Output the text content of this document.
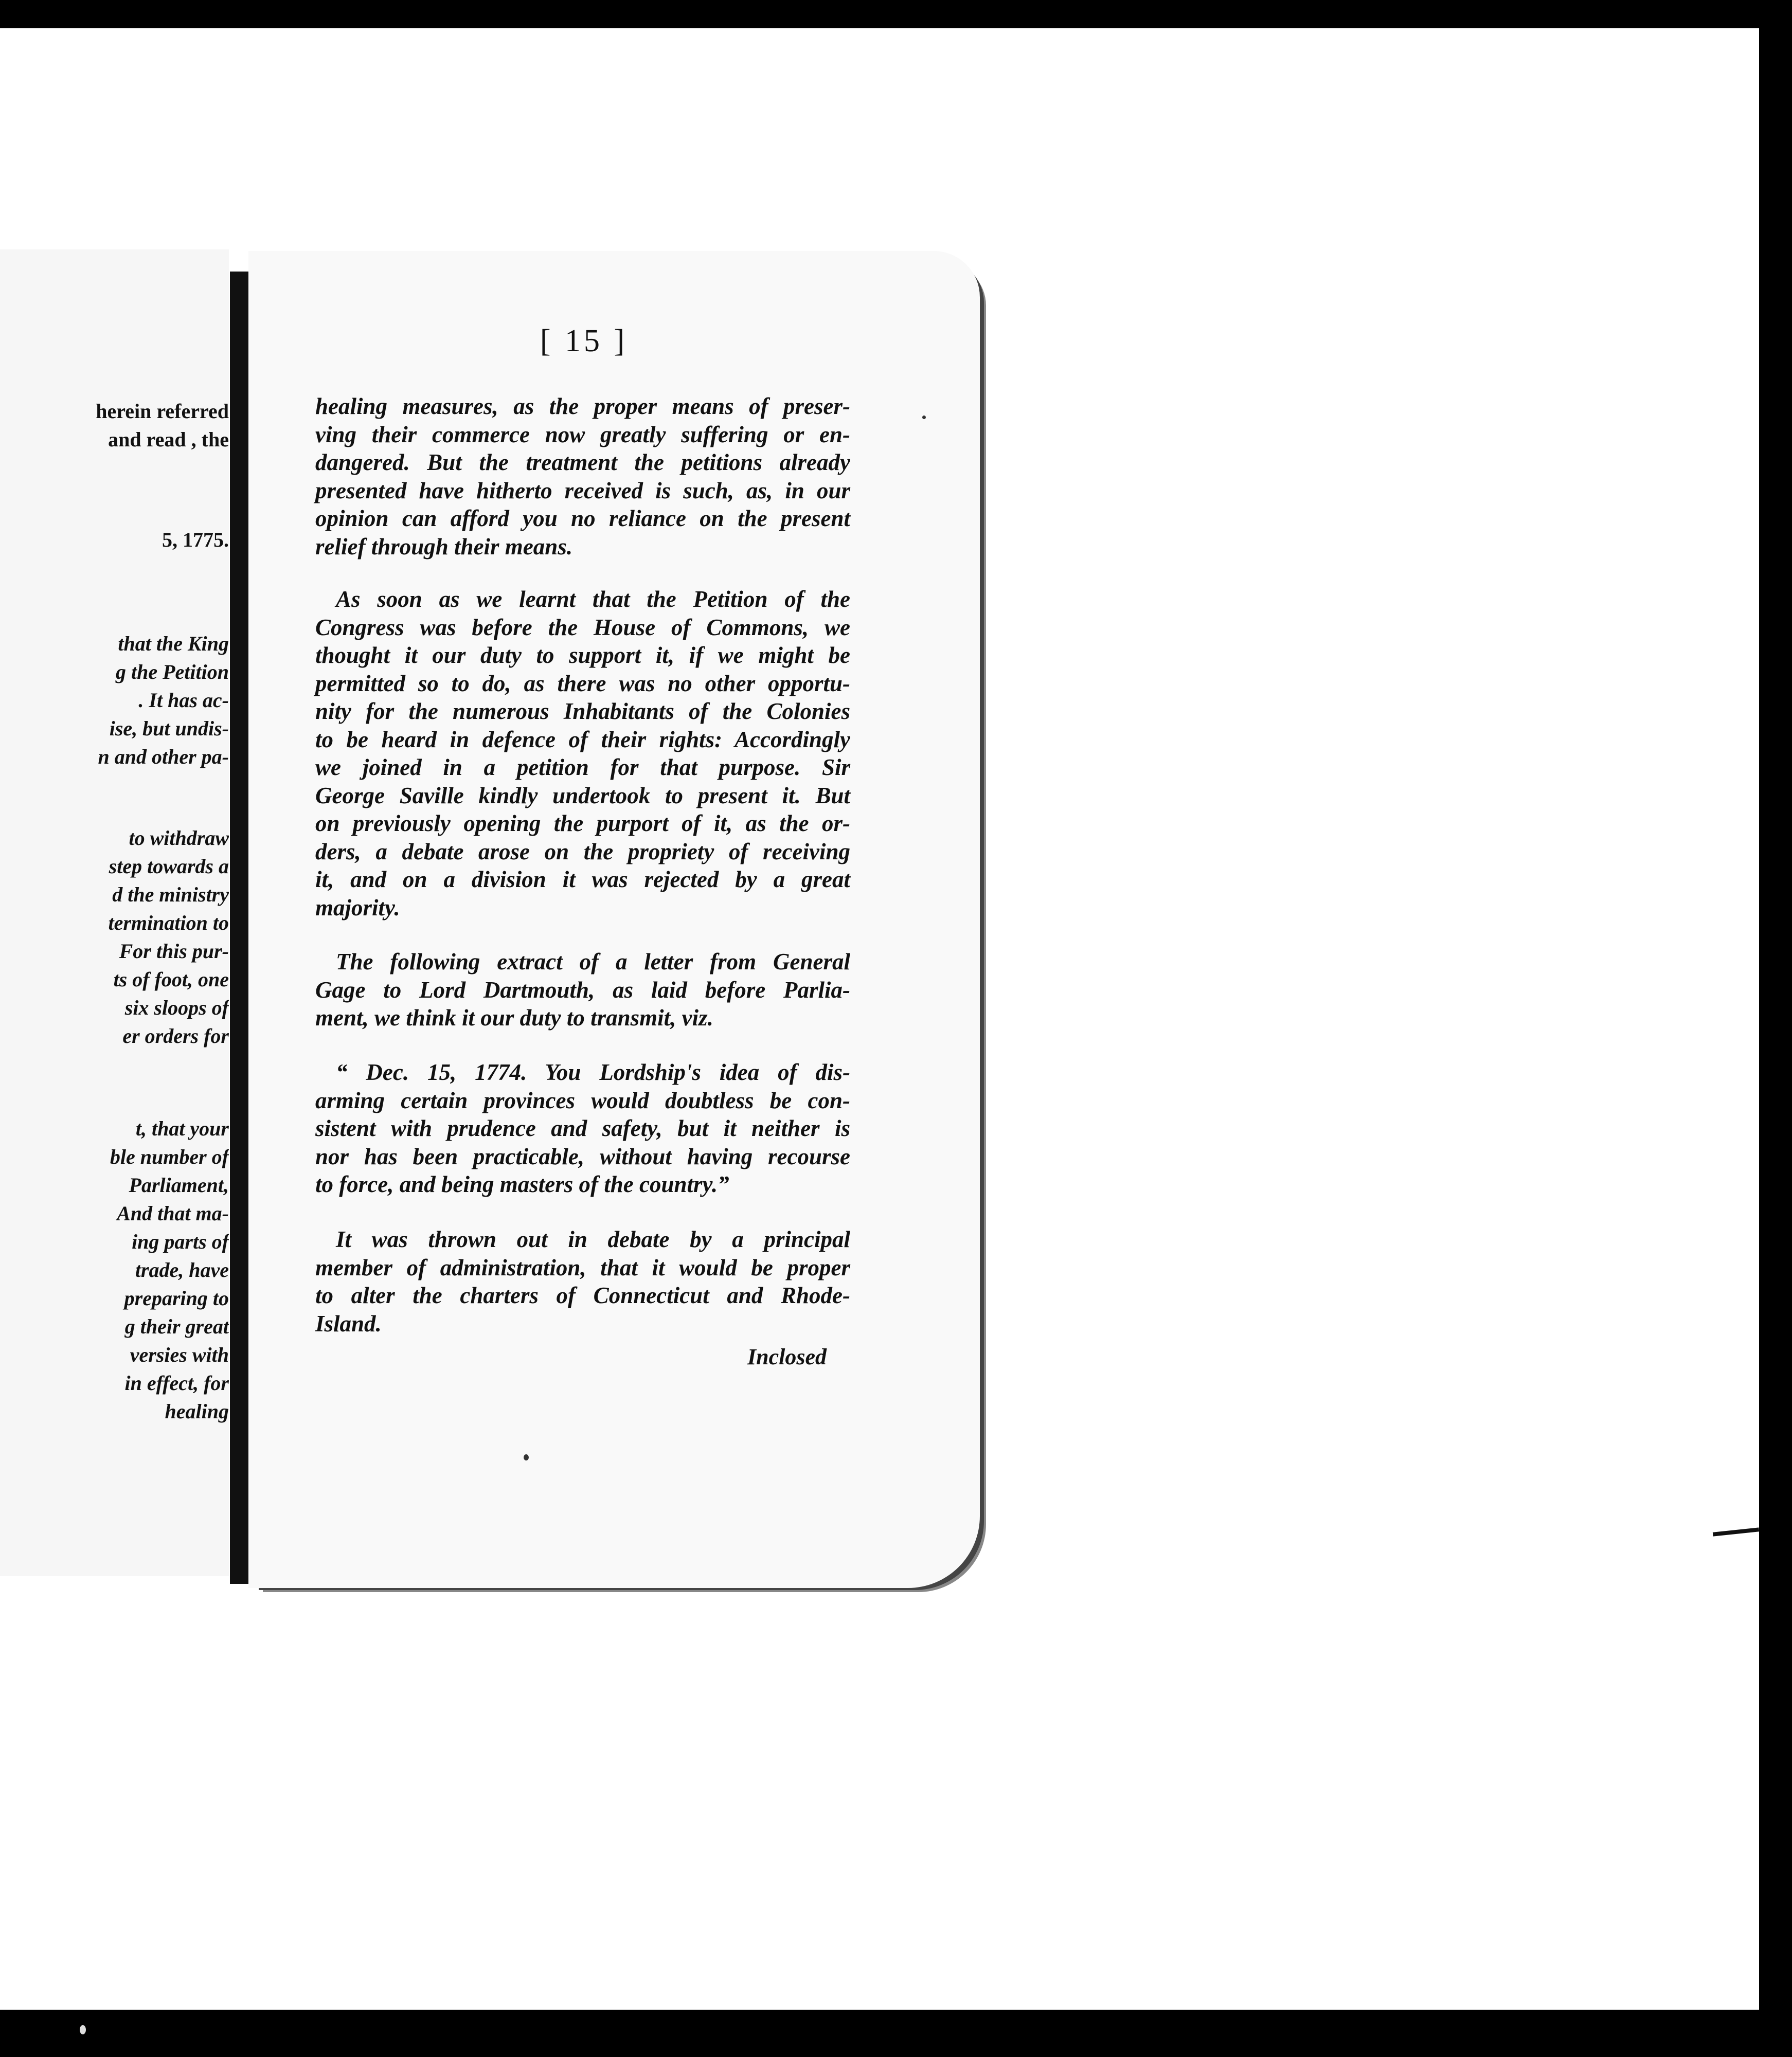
herein referred
and read , the
5, 1775.
that the King
g the Petition
. It has ac-
ise, but undis-
n and other pa-
to withdraw
step towards a
d the ministry
termination to
For this pur-
ts of foot, one
six sloops of
er orders for
t, that your
ble number of
Parliament,
And that ma-
ing parts of
trade, have
preparing to
g their great
versies with
in effect, for
healing
[ 15 ]
healing measures, as the proper means of preser-
ving their commerce now greatly suffering or en-
dangered. But the treatment the petitions already
presented have hitherto received is such, as, in our
opinion can afford you no reliance on the present
relief through their means.
As soon as we learnt that the Petition of the
Congress was before the House of Commons, we
thought it our duty to support it, if we might be
permitted so to do, as there was no other opportu-
nity for the numerous Inhabitants of the Colonies
to be heard in defence of their rights: Accordingly
we joined in a petition for that purpose. Sir
George Saville kindly undertook to present it. But
on previously opening the purport of it, as the or-
ders, a debate arose on the propriety of receiving
it, and on a division it was rejected by a great
majority.
The following extract of a letter from General
Gage to Lord Dartmouth, as laid before Parlia-
ment, we think it our duty to transmit, viz.
“ Dec. 15, 1774. You Lordship's idea of dis-
arming certain provinces would doubtless be con-
sistent with prudence and safety, but it neither is
nor has been practicable, without having recourse
to force, and being masters of the country.”
It was thrown out in debate by a principal
member of administration, that it would be proper
to alter the charters of Connecticut and Rhode-
Island.
Inclosed
